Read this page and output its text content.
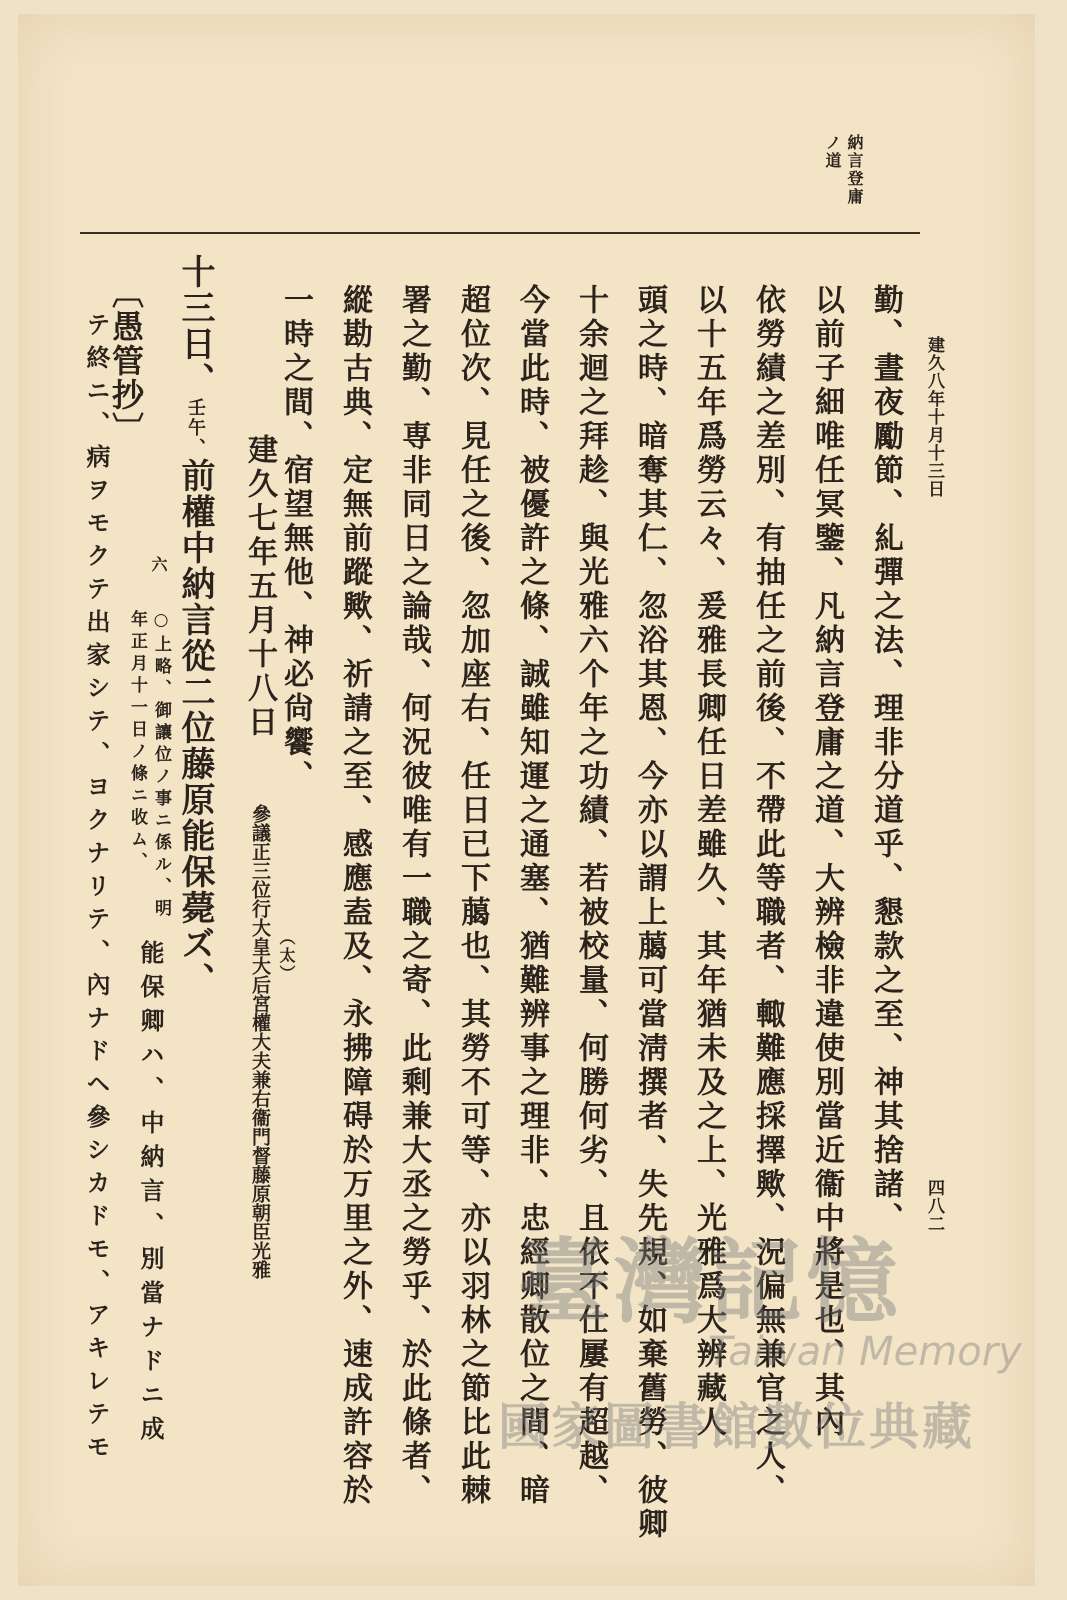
納言登庸
ノ道
建久八年十月十三日
四八二
勤、晝夜勵節、糺彈之法、理非分道乎、懇款之至、神其捨諸、
以前子細唯任冥鑒、凡納言登庸之道、大辨檢非違使別當近衞中將是也、其內
依勞績之差別、有抽任之前後、不帶此等職者、輙難應採擇歟、況偏無兼官之人、
以十五年爲勞云々、爰雅長卿任日差雖久、其年猶未及之上、光雅爲大辨藏人
頭之時、暗奪其仁、忽浴其恩、今亦以謂上﨟可當淸撰者、失先規、如棄舊勞、彼卿
十余迴之拜趁、與光雅六个年之功績、若被校量、何勝何劣、且依不仕屢有超越、
今當此時、被優許之條、誠雖知運之通塞、猶難辨事之理非、忠經卿散位之間、暗
超位次、見任之後、忽加座右、任日已下﨟也、其勞不可等、亦以羽林之節比此棘
署之勤、専非同日之論哉、何況彼唯有一職之寄、此剩兼大丞之勞乎、於此條者、
縱勘古典、定無前蹤歟、祈請之至、感應盍及、永拂障碍於万里之外、速成許容於
一時之間、宿望無他、神必尙饗、
建久七年五月十八日
（太）
參議正三位行大皇大后宮權大夫兼右衞門督藤原朝臣光雅
十三日、壬午、前權中納言從二位藤原能保薨ズ、
〔愚管抄〕
六
○上略、御讓位ノ事ニ係ル、明
年正月十一日ノ條ニ收ム、
能保卿ハ、中納言、別當ナドニ成
テ終ニ、病ヲモクテ出家シテ、ヨクナリテ、內ナドヘ參シカドモ、アキレテモ	臺灣記憶
Taiwan Memory
國家圖書館數位典藏
